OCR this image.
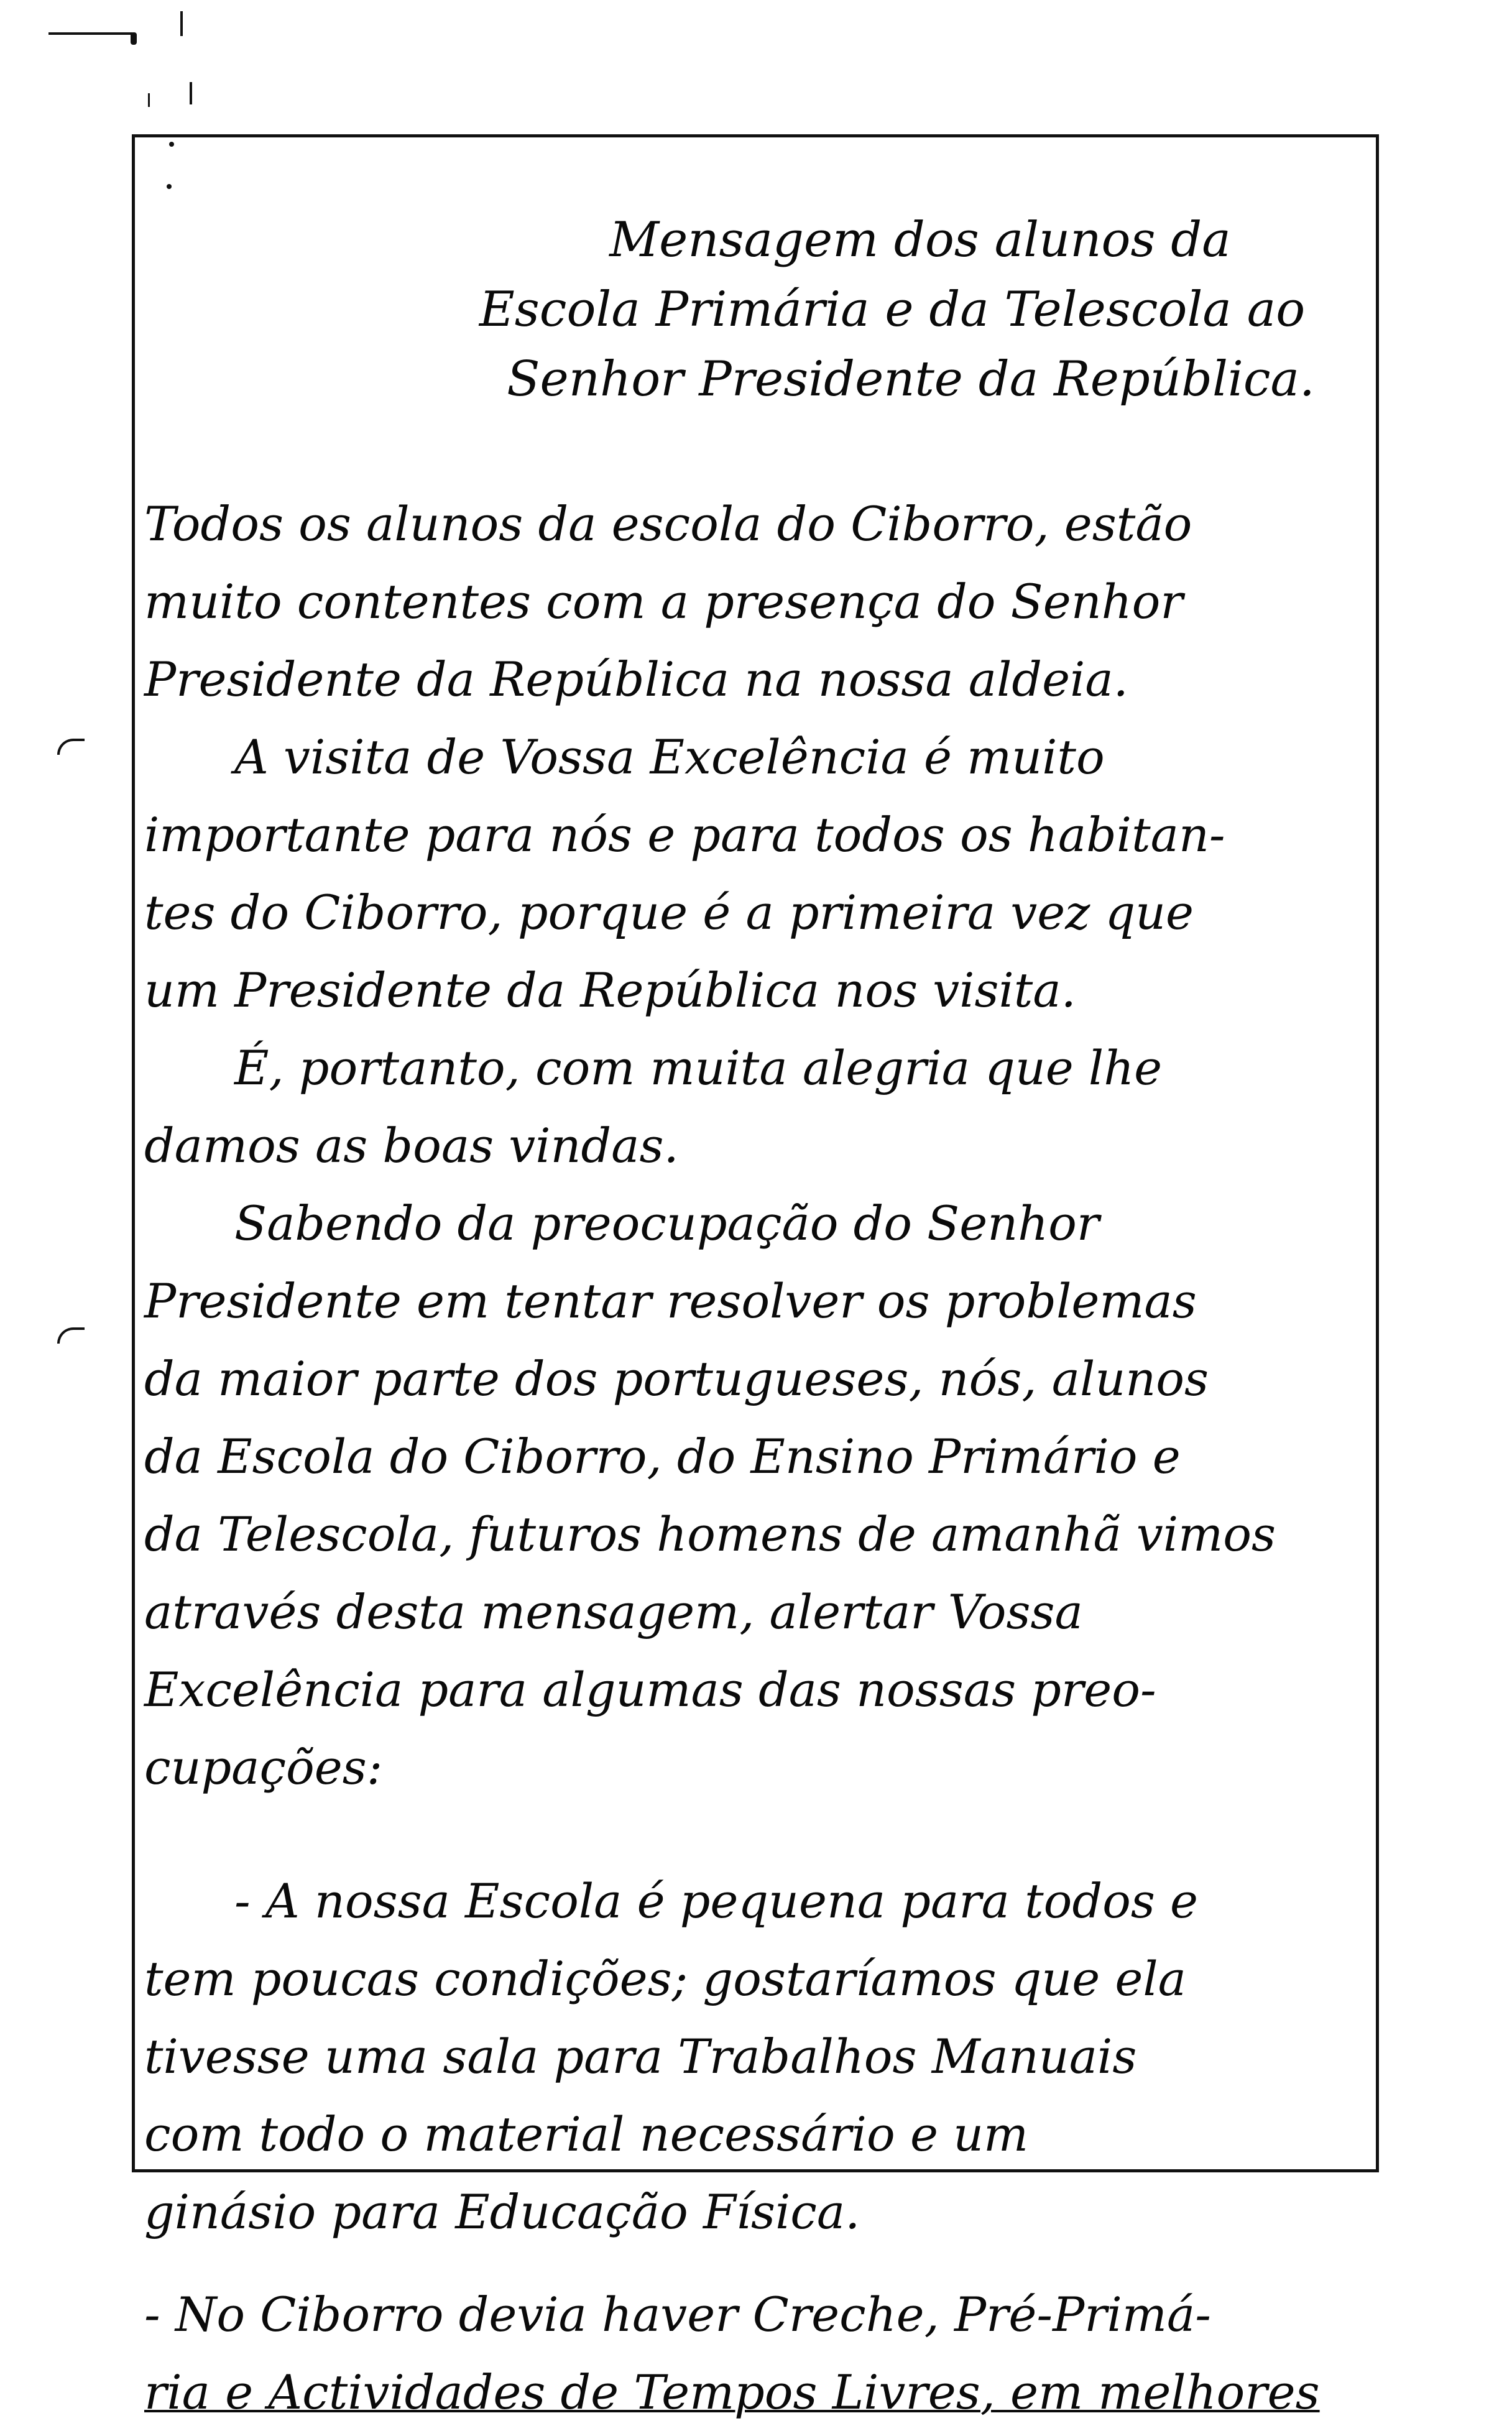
Mensagem dos alunos da
Escola Primária e da Telescola ao
Senhor Presidente da República.
Todos os alunos da escola do Ciborro, estão
muito contentes com a presença do Senhor
Presidente da República na nossa aldeia.
A visita de Vossa Excelência é muito
importante para nós e para todos os habitan-
tes do Ciborro, porque é a primeira vez que
um Presidente da República nos visita.
É, portanto, com muita alegria que lhe
damos as boas vindas.
Sabendo da preocupação do Senhor
Presidente em tentar resolver os problemas
da maior parte dos portugueses, nós, alunos
da Escola do Ciborro, do Ensino Primário e
da Telescola, futuros homens de amanhã vimos
através desta mensagem, alertar Vossa
Excelência para algumas das nossas preo-
cupações:
- A nossa Escola é pequena para todos e
tem poucas condições; gostaríamos que ela
tivesse uma sala para Trabalhos Manuais
com todo o material necessário e um
ginásio para Educação Física.
- No Ciborro devia haver Creche, Pré-Primá-
ria e Actividades de Tempos Livres, em melhores
